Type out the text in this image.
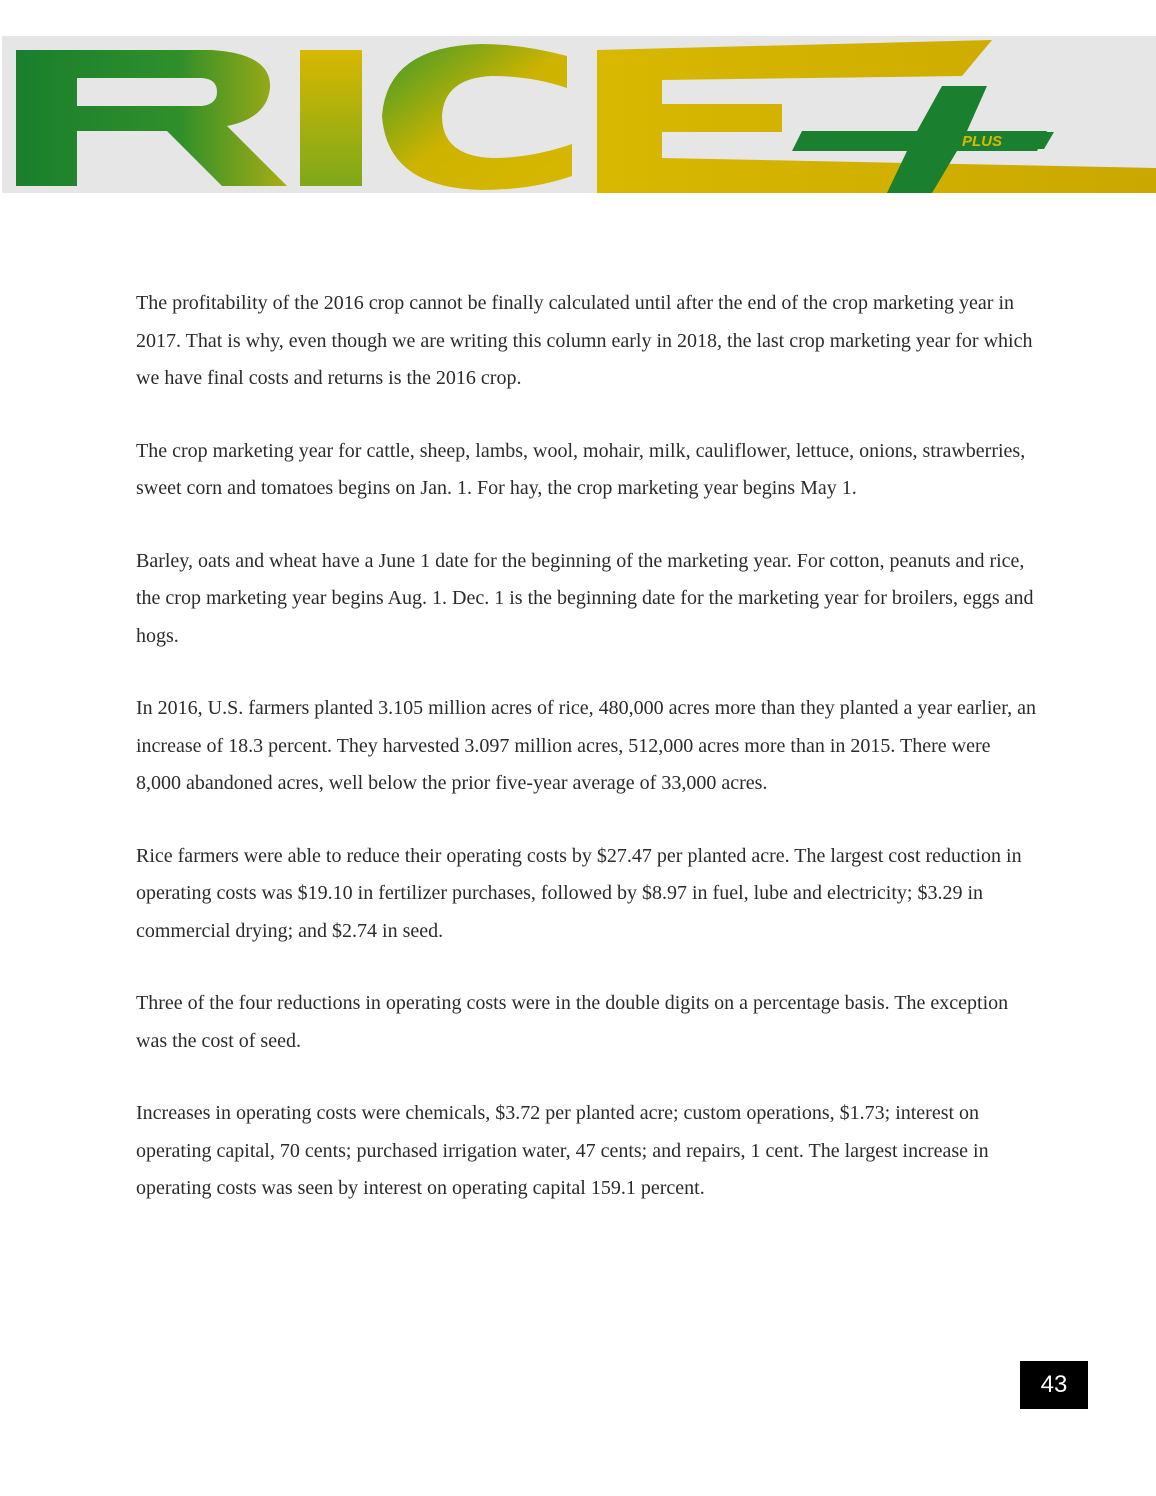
PLUS

The profitability of the 2016 crop cannot be finally calculated until after the end of the crop marketing year in 2017. That is why, even though we are writing this column early in 2018, the last crop marketing year for which we have final costs and returns is the 2016 crop.

The crop marketing year for cattle, sheep, lambs, wool, mohair, milk, cauliflower, lettuce, onions, strawberries, sweet corn and tomatoes begins on Jan. 1. For hay, the crop marketing year begins May 1.

Barley, oats and wheat have a June 1 date for the beginning of the marketing year. For cotton, peanuts and rice, the crop marketing year begins Aug. 1. Dec. 1 is the beginning date for the marketing year for broilers, eggs and hogs.

In 2016, U.S. farmers planted 3.105 million acres of rice, 480,000 acres more than they planted a year earlier, an increase of 18.3 percent. They harvested 3.097 million acres, 512,000 acres more than in 2015. There were 8,000 abandoned acres, well below the prior five-year average of 33,000 acres.

Rice farmers were able to reduce their operating costs by $27.47 per planted acre. The largest cost reduction in operating costs was $19.10 in fertilizer purchases, followed by $8.97 in fuel, lube and electricity; $3.29 in commercial drying; and $2.74 in seed.

Three of the four reductions in operating costs were in the double digits on a percentage basis. The exception was the cost of seed.

Increases in operating costs were chemicals, $3.72 per planted acre; custom operations, $1.73; interest on operating capital, 70 cents; purchased irrigation water, 47 cents; and repairs, 1 cent. The largest increase in operating costs was seen by interest on operating capital 159.1 percent.

43
